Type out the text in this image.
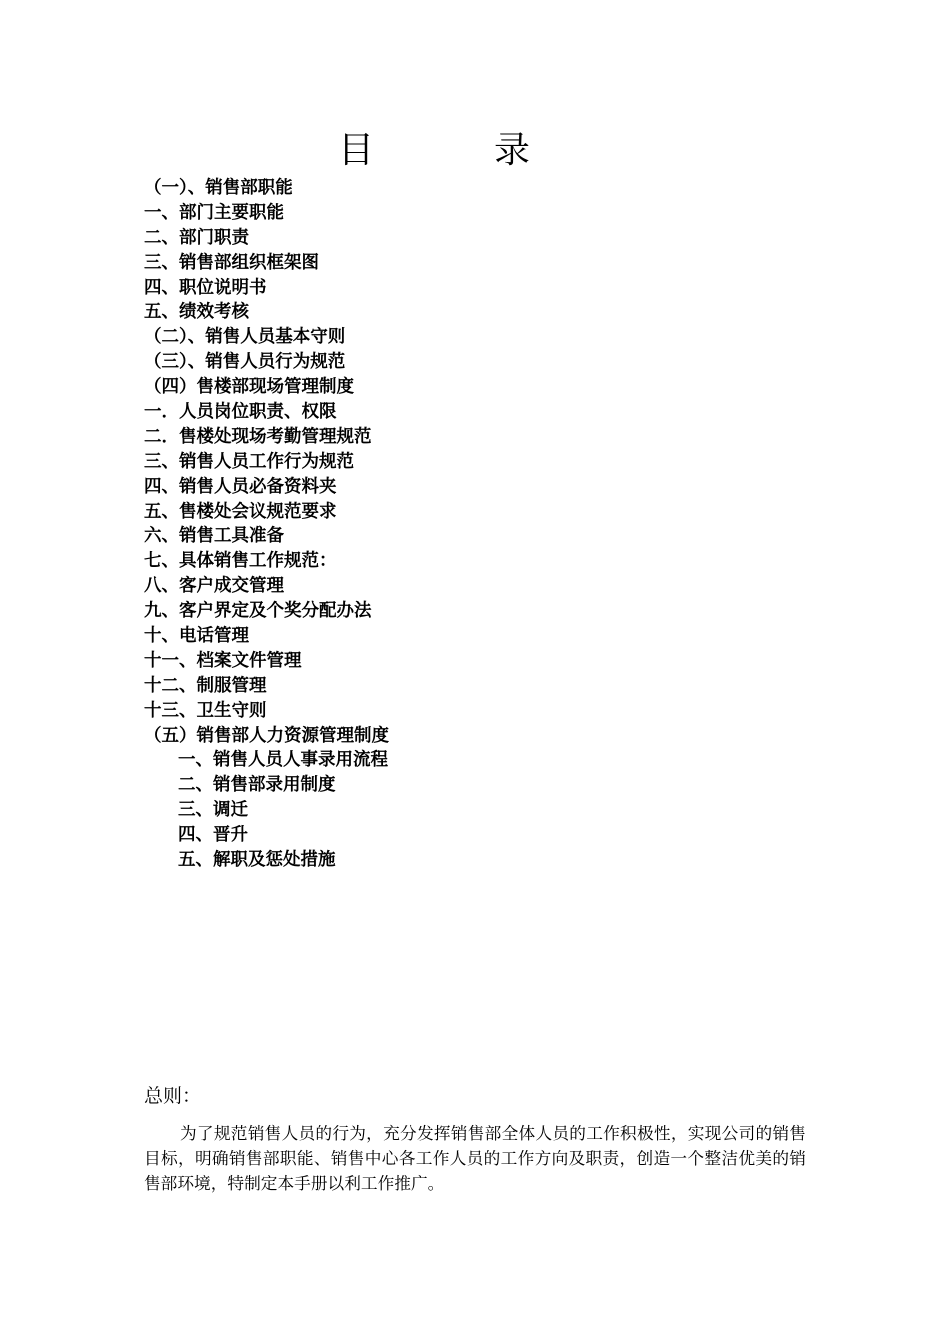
目	录
（一）、销售部职能
一、部门主要职能
二、部门职责
三、销售部组织框架图
四、职位说明书
五、绩效考核
（二）、销售人员基本守则
（三）、销售人员行为规范
（四）售楼部现场管理制度
一．人员岗位职责、权限
二．售楼处现场考勤管理规范
三、销售人员工作行为规范
四、销售人员必备资料夹
五、售楼处会议规范要求
六、销售工具准备
七、具体销售工作规范：
八、客户成交管理
九、客户界定及个奖分配办法
十、电话管理
十一、档案文件管理
十二、制服管理
十三、卫生守则
（五）销售部人力资源管理制度
一、销售人员人事录用流程
二、销售部录用制度
三、调迁
四、晋升
五、解职及惩处措施
总则：

为了规范销售人员的行为，充分发挥销售部全体人员的工作积极性，实现公司的销售目标，明确销售部职能、销售中心各工作人员的工作方向及职责，创造一个整洁优美的销售部环境，特制定本手册以利工作推广。
